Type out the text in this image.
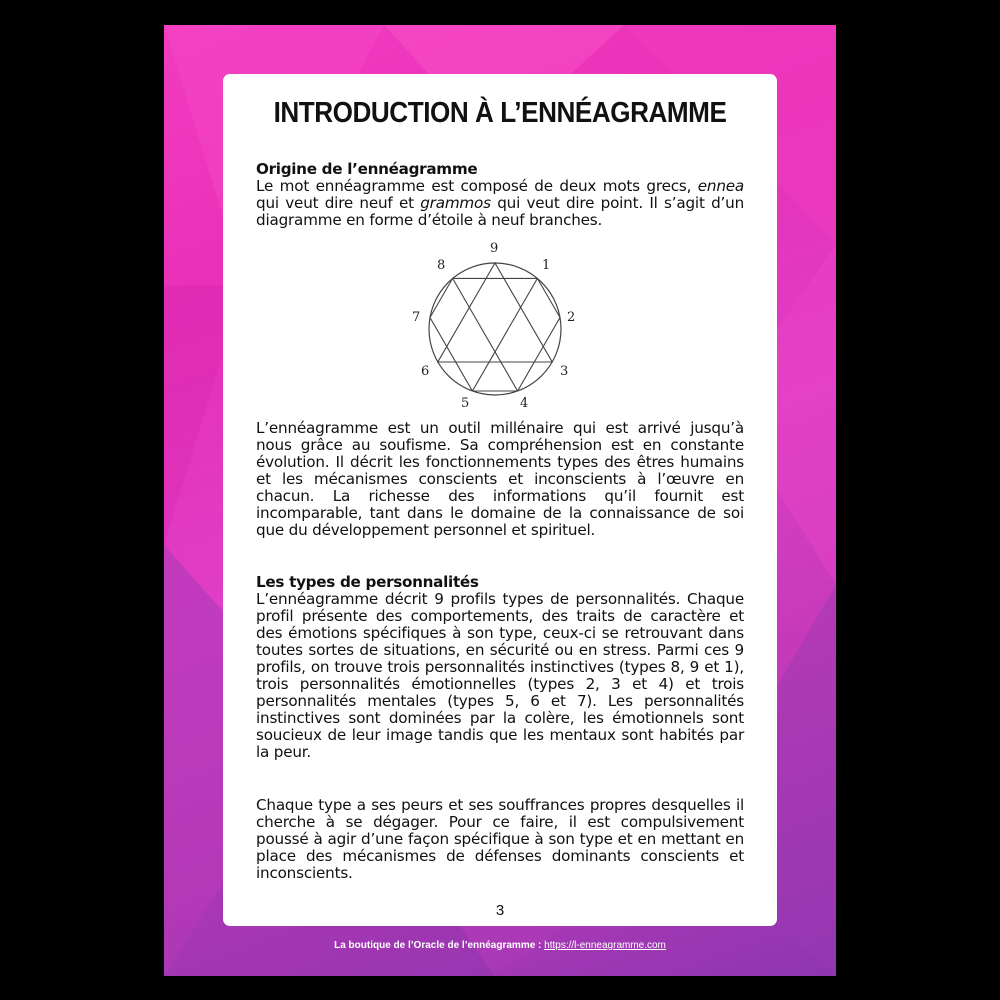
INTRODUCTION À L’ENNÉAGRAMME
Origine de l’ennéagramme
Le mot ennéagramme est composé de deux mots grecs, ennea qui veut dire neuf et grammos qui veut dire point. Il s’agit d’un diagramme en forme d’étoile à neuf branches.
9
1
2
3
4
5
6
7
8
L’ennéagramme est un outil millénaire qui est arrivé jusqu’à nous grâce au soufisme. Sa compréhension est en constante évolution. Il décrit les fonctionnements types des êtres humains et les mécanismes conscients et inconscients à l’œuvre en chacun. La richesse des informations qu’il fournit est incomparable, tant dans le domaine de la connaissance de soi que du développement personnel et spirituel.
Les types de personnalités
L’ennéagramme décrit 9 profils types de personnalités. Chaque profil présente des comportements, des traits de caractère et des émotions spécifiques à son type, ceux-ci se retrouvant dans toutes sortes de situations, en sécurité ou en stress. Parmi ces 9 profils, on trouve trois personnalités instinctives (types 8, 9 et 1), trois personnalités émotionnelles (types 2, 3 et 4) et trois personnalités mentales (types 5, 6 et 7). Les personnalités instinctives sont dominées par la colère, les émotionnels sont soucieux de leur image tandis que les mentaux sont habités par la peur.
Chaque type a ses peurs et ses souffrances propres desquelles il cherche à se dégager. Pour ce faire, il est compulsivement poussé à agir d’une façon spécifique à son type et en mettant en place des mécanismes de défenses dominants conscients et inconscients.
3
La boutique de l’Oracle de l’ennéagramme : https://l-enneagramme.com
